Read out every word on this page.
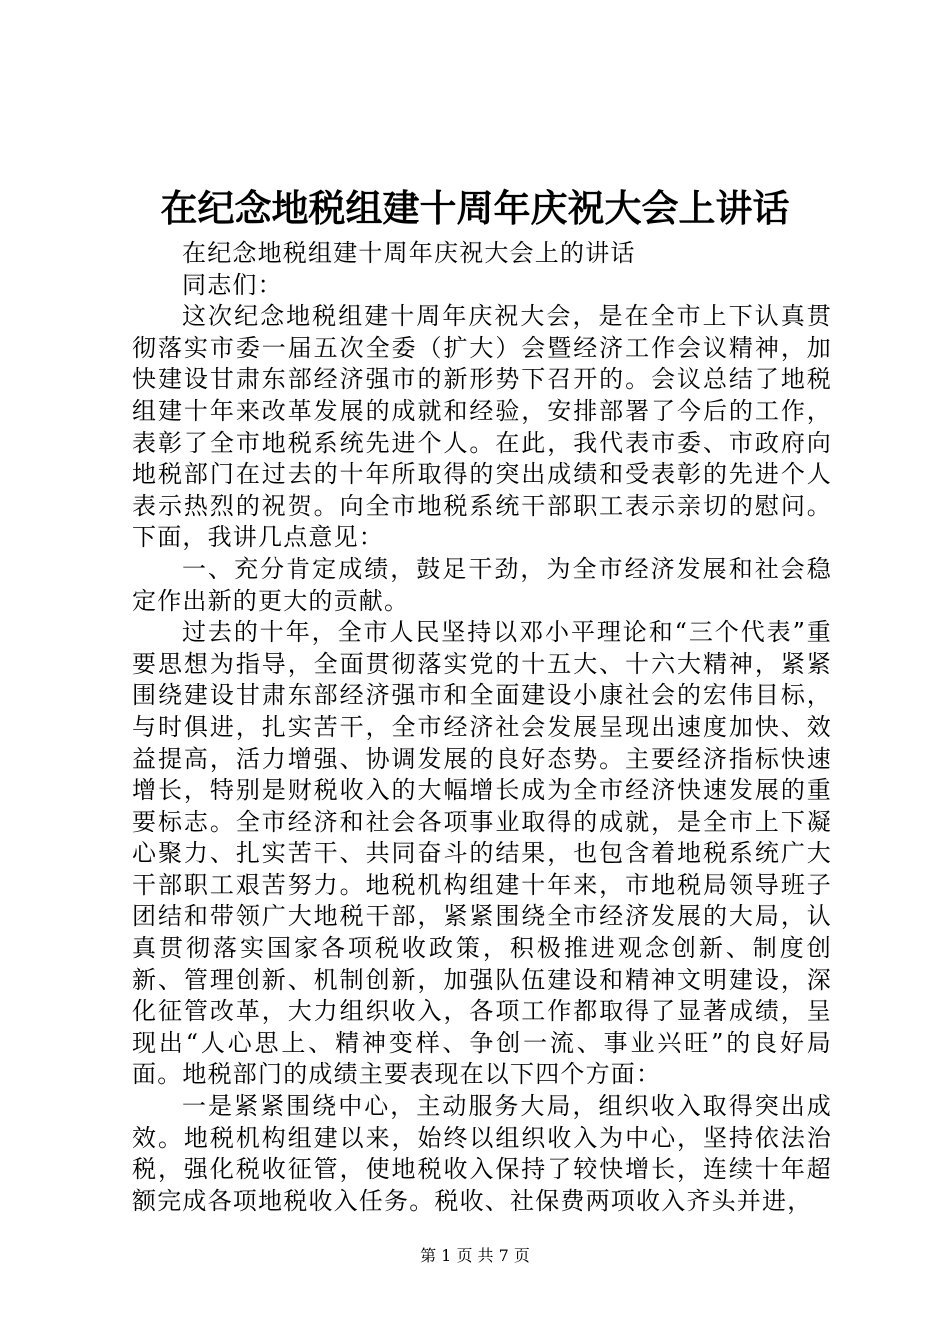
在纪念地税组建十周年庆祝大会上讲话

在纪念地税组建十周年庆祝大会上的讲话

同志们：

这次纪念地税组建十周年庆祝大会，是在全市上下认真贯彻落实市委一届五次全委（扩大）会暨经济工作会议精神，加快建设甘肃东部经济强市的新形势下召开的。会议总结了地税组建十年来改革发展的成就和经验，安排部署了今后的工作，表彰了全市地税系统先进个人。在此，我代表市委、市政府向地税部门在过去的十年所取得的突出成绩和受表彰的先进个人表示热烈的祝贺。向全市地税系统干部职工表示亲切的慰问。下面，我讲几点意见：

一、充分肯定成绩，鼓足干劲，为全市经济发展和社会稳定作出新的更大的贡献。

过去的十年，全市人民坚持以邓小平理论和“三个代表”重要思想为指导，全面贯彻落实党的十五大、十六大精神，紧紧围绕建设甘肃东部经济强市和全面建设小康社会的宏伟目标，与时俱进，扎实苦干，全市经济社会发展呈现出速度加快、效益提高，活力增强、协调发展的良好态势。主要经济指标快速增长，特别是财税收入的大幅增长成为全市经济快速发展的重要标志。全市经济和社会各项事业取得的成就，是全市上下凝心聚力、扎实苦干、共同奋斗的结果，也包含着地税系统广大干部职工艰苦努力。地税机构组建十年来，市地税局领导班子团结和带领广大地税干部，紧紧围绕全市经济发展的大局，认真贯彻落实国家各项税收政策，积极推进观念创新、制度创新、管理创新、机制创新，加强队伍建设和精神文明建设，深化征管改革，大力组织收入，各项工作都取得了显著成绩，呈现出“人心思上、精神变样、争创一流、事业兴旺”的良好局面。地税部门的成绩主要表现在以下四个方面：

一是紧紧围绕中心，主动服务大局，组织收入取得突出成效。地税机构组建以来，始终以组织收入为中心，坚持依法治税，强化税收征管，使地税收入保持了较快增长，连续十年超额完成各项地税收入任务。税收、社保费两项收入齐头并进，

第 1 页 共 7 页
